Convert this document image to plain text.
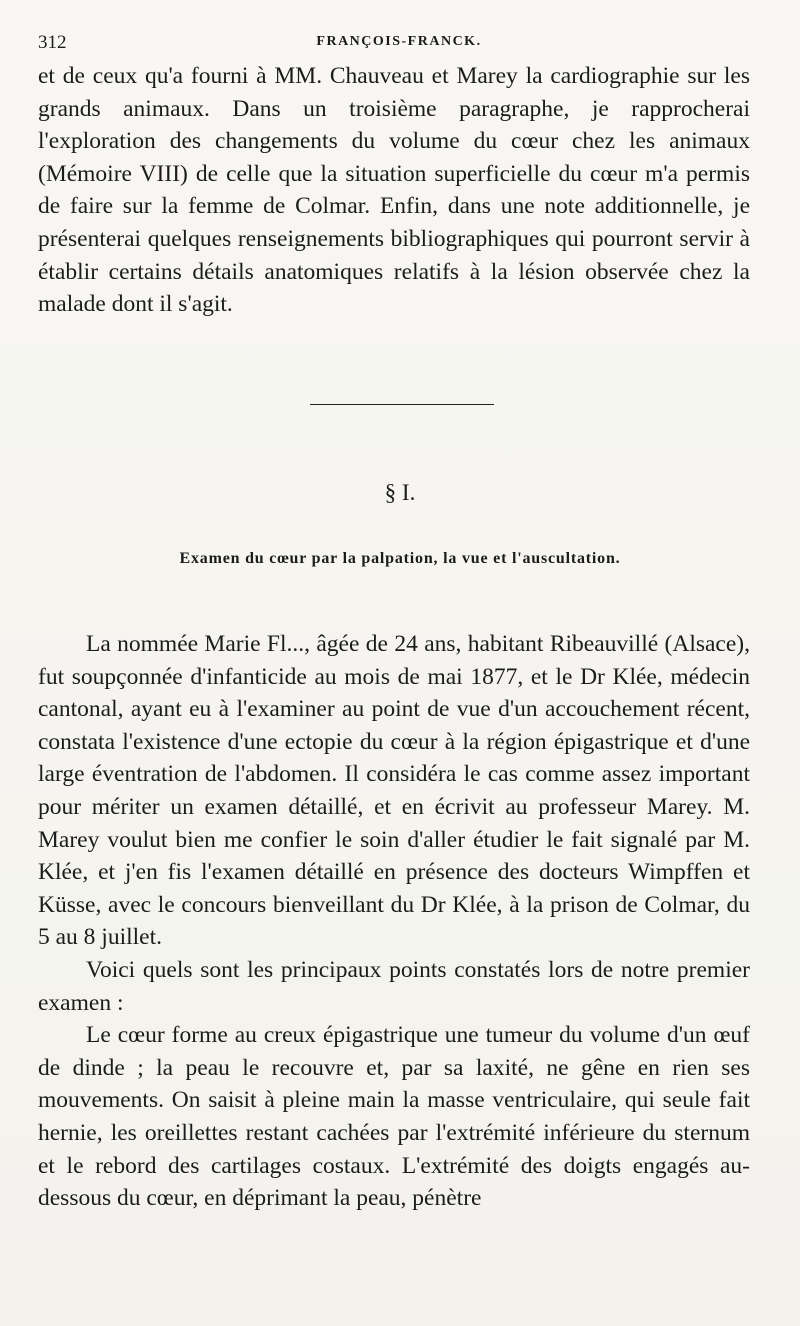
312	FRANÇOIS-FRANCK.

et de ceux qu'a fourni à MM. Chauveau et Marey la cardiographie sur les grands animaux. Dans un troisième paragraphe, je rapprocherai l'exploration des changements du volume du cœur chez les animaux (Mémoire VIII) de celle que la situation superficielle du cœur m'a permis de faire sur la femme de Colmar. Enfin, dans une note additionnelle, je présenterai quelques renseignements bibliographiques qui pourront servir à établir certains détails anatomiques relatifs à la lésion observée chez la malade dont il s'agit.

§ I.
Examen du cœur par la palpation, la vue et l'auscultation.

La nommée Marie Fl..., âgée de 24 ans, habitant Ribeauvillé (Alsace), fut soupçonnée d'infanticide au mois de mai 1877, et le Dr Klée, médecin cantonal, ayant eu à l'examiner au point de vue d'un accouchement récent, constata l'existence d'une ectopie du cœur à la région épigastrique et d'une large éventration de l'abdomen. Il considéra le cas comme assez important pour mériter un examen détaillé, et en écrivit au professeur Marey. M. Marey voulut bien me confier le soin d'aller étudier le fait signalé par M. Klée, et j'en fis l'examen détaillé en présence des docteurs Wimpffen et Küsse, avec le concours bienveillant du Dr Klée, à la prison de Colmar, du 5 au 8 juillet.

Voici quels sont les principaux points constatés lors de notre premier examen :

Le cœur forme au creux épigastrique une tumeur du volume d'un œuf de dinde ; la peau le recouvre et, par sa laxité, ne gêne en rien ses mouvements. On saisit à pleine main la masse ventriculaire, qui seule fait hernie, les oreillettes restant cachées par l'extrémité inférieure du sternum et le rebord des cartilages costaux. L'extrémité des doigts engagés au-dessous du cœur, en déprimant la peau, pénètre
